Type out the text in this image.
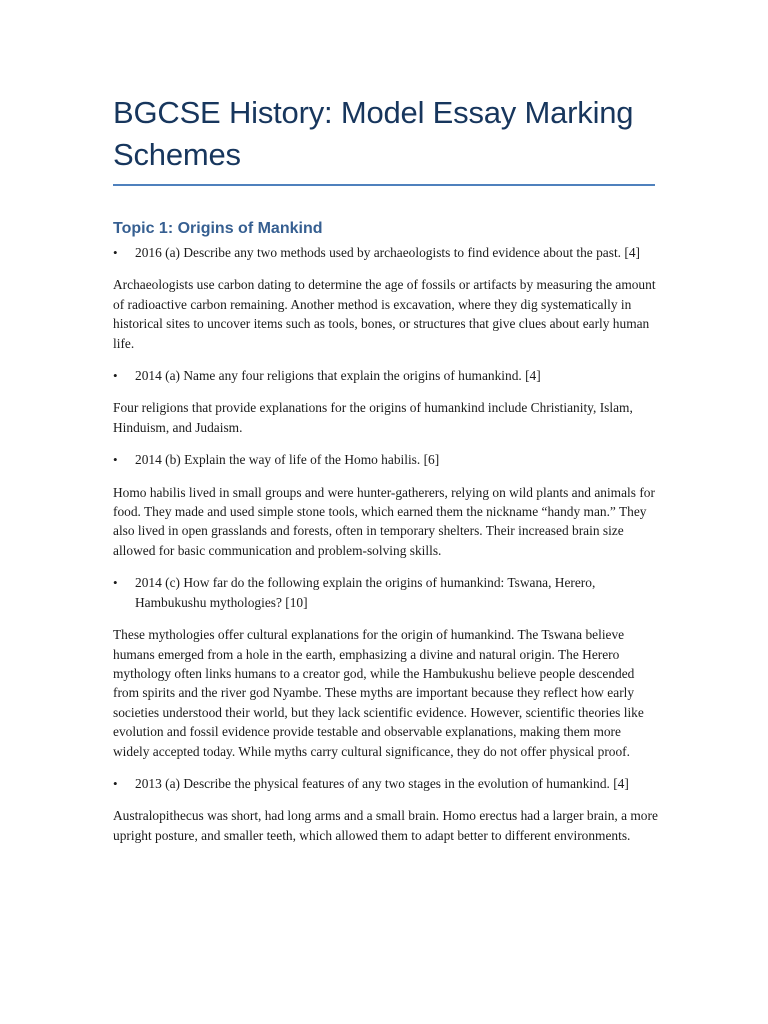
BGCSE History: Model Essay Marking Schemes
Topic 1: Origins of Mankind
• 2016 (a) Describe any two methods used by archaeologists to find evidence about the past. [4]

Archaeologists use carbon dating to determine the age of fossils or artifacts by measuring the amount of radioactive carbon remaining. Another method is excavation, where they dig systematically in historical sites to uncover items such as tools, bones, or structures that give clues about early human life.

• 2014 (a) Name any four religions that explain the origins of humankind. [4]

Four religions that provide explanations for the origins of humankind include Christianity, Islam, Hinduism, and Judaism.

• 2014 (b) Explain the way of life of the Homo habilis. [6]

Homo habilis lived in small groups and were hunter-gatherers, relying on wild plants and animals for food. They made and used simple stone tools, which earned them the nickname “handy man.” They also lived in open grasslands and forests, often in temporary shelters. Their increased brain size allowed for basic communication and problem-solving skills.

• 2014 (c) How far do the following explain the origins of humankind: Tswana, Herero, Hambukushu mythologies? [10]

These mythologies offer cultural explanations for the origin of humankind. The Tswana believe humans emerged from a hole in the earth, emphasizing a divine and natural origin. The Herero mythology often links humans to a creator god, while the Hambukushu believe people descended from spirits and the river god Nyambe. These myths are important because they reflect how early societies understood their world, but they lack scientific evidence. However, scientific theories like evolution and fossil evidence provide testable and observable explanations, making them more widely accepted today. While myths carry cultural significance, they do not offer physical proof.

• 2013 (a) Describe the physical features of any two stages in the evolution of humankind. [4]

Australopithecus was short, had long arms and a small brain. Homo erectus had a larger brain, a more upright posture, and smaller teeth, which allowed them to adapt better to different environments.
